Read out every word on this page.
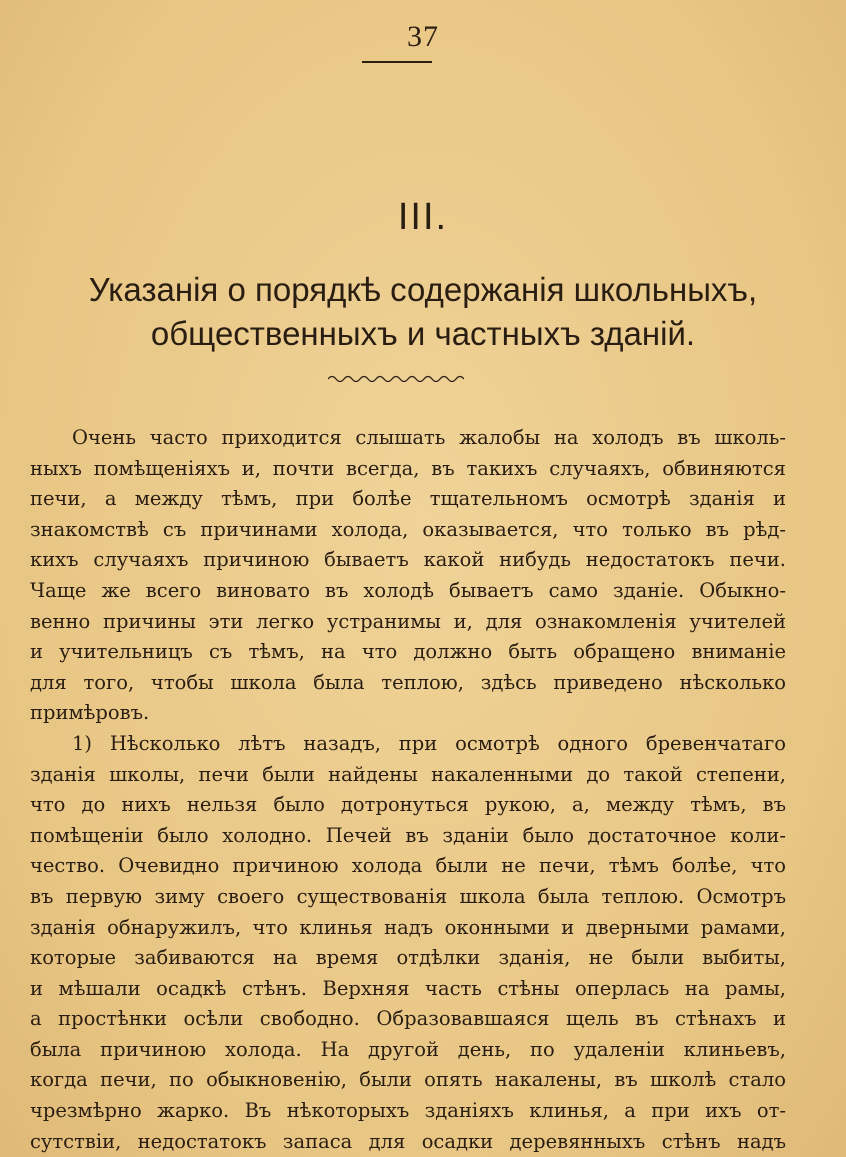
37
III.
Указанія о порядкѣ содержанія школьныхъ,
общественныхъ и частныхъ зданій.
Очень часто приходится слышать жалобы на холодъ въ школь-
ныхъ помѣщеніяхъ и, почти всегда, въ такихъ случаяхъ, обвиняются
печи, а между тѣмъ, при болѣе тщательномъ осмотрѣ зданія и
знакомствѣ съ причинами холода, оказывается, что только въ рѣд-
кихъ случаяхъ причиною бываетъ какой нибудь недостатокъ печи.
Чаще же всего виновато въ холодѣ бываетъ само зданіе. Обыкно-
венно причины эти легко устранимы и, для ознакомленія учителей
и учительницъ съ тѣмъ, на что должно быть обращено вниманіе
для того, чтобы школа была теплою, здѣсь приведено нѣсколько
примѣровъ.
1) Нѣсколько лѣтъ назадъ, при осмотрѣ одного бревенчатаго
зданія школы, печи были найдены накаленными до такой степени,
что до нихъ нельзя было дотронуться рукою, а, между тѣмъ, въ
помѣщеніи было холодно. Печей въ зданіи было достаточное коли-
чество. Очевидно причиною холода были не печи, тѣмъ болѣе, что
въ первую зиму своего существованія школа была теплою. Осмотръ
зданія обнаружилъ, что клинья надъ оконными и дверными рамами,
которые забиваются на время отдѣлки зданія, не были выбиты,
и мѣшали осадкѣ стѣнъ. Верхняя часть стѣны оперлась на рамы,
а простѣнки осѣли свободно. Образовавшаяся щель въ стѣнахъ и
была причиною холода. На другой день, по удаленіи клиньевъ,
когда печи, по обыкновенію, были опять накалены, въ школѣ стало
чрезмѣрно жарко. Въ нѣкоторыхъ зданіяхъ клинья, а при ихъ от-
сутствіи, недостатокъ запаса для осадки деревянныхъ стѣнъ надъ
